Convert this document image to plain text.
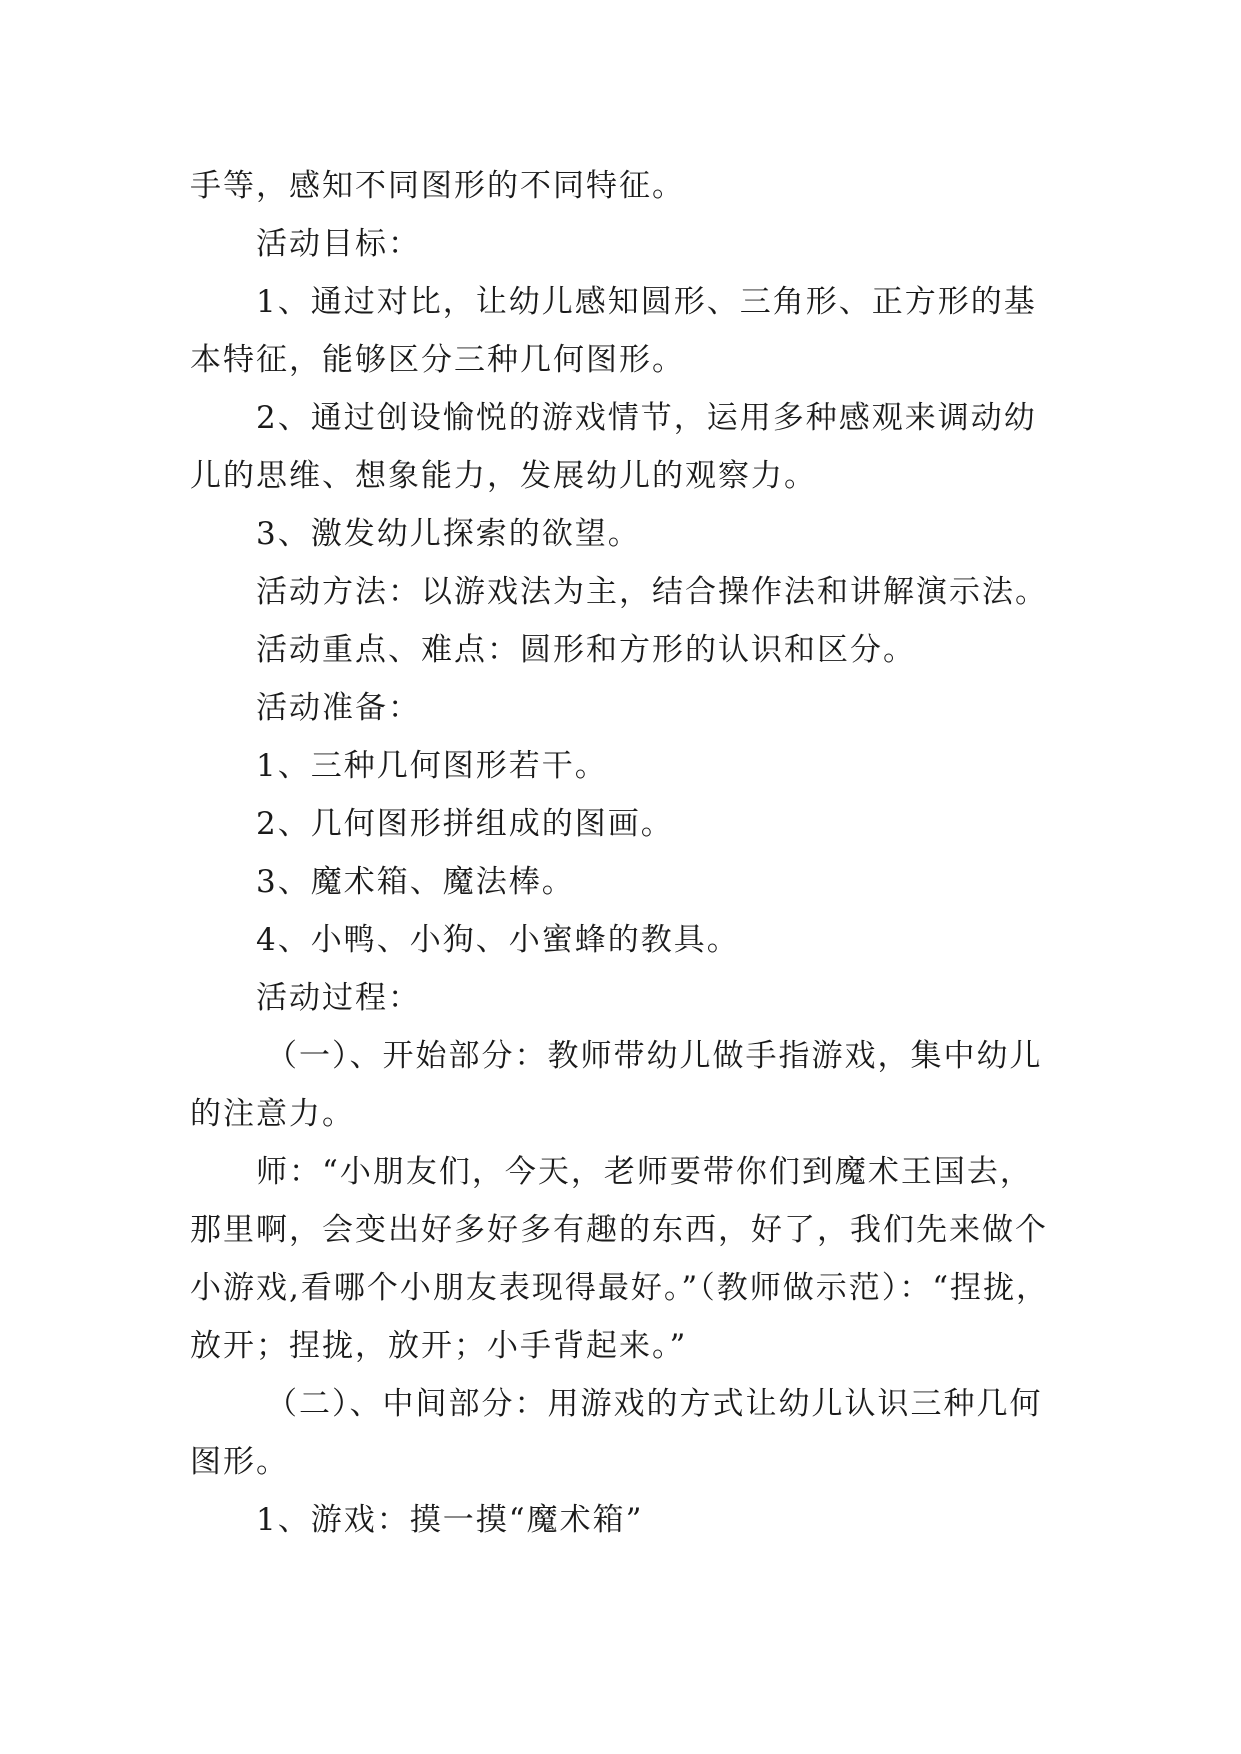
手等，感知不同图形的不同特征。
活动目标：
1、通过对比，让幼儿感知圆形、三角形、正方形的基
本特征，能够区分三种几何图形。
2、通过创设愉悦的游戏情节，运用多种感观来调动幼
儿的思维、想象能力，发展幼儿的观察力。
3、激发幼儿探索的欲望。
活动方法：以游戏法为主，结合操作法和讲解演示法。
活动重点、难点：圆形和方形的认识和区分。
活动准备：
1、三种几何图形若干。
2、几何图形拼组成的图画。
3、魔术箱、魔法棒。
4、小鸭、小狗、小蜜蜂的教具。
活动过程：
（一）、开始部分：教师带幼儿做手指游戏，集中幼儿
的注意力。
师：“小朋友们，今天，老师要带你们到魔术王国去，
那里啊，会变出好多好多有趣的东西，好了，我们先来做个
小游戏,看哪个小朋友表现得最好。”（教师做示范）：“捏拢，
放开；捏拢，放开；小手背起来。”
（二）、中间部分：用游戏的方式让幼儿认识三种几何
图形。
1、游戏：摸一摸“魔术箱”
